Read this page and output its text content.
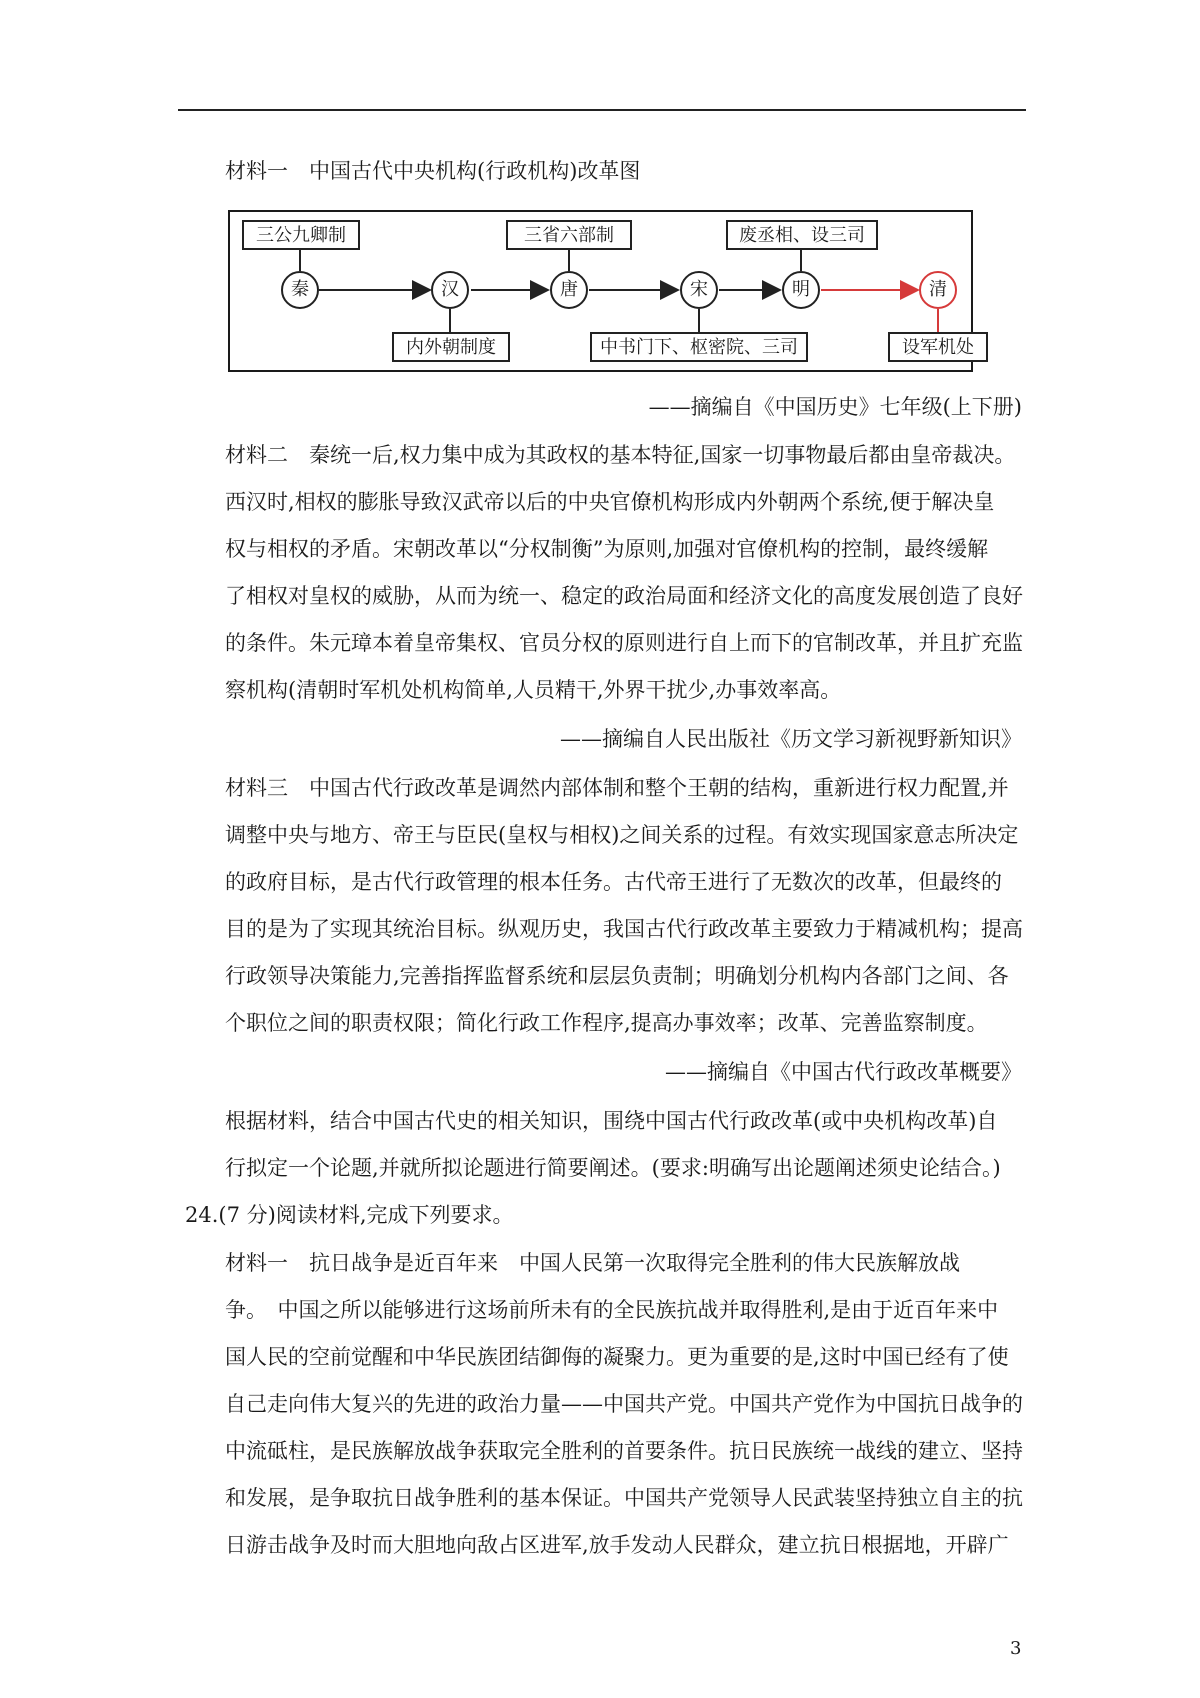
材料一　中国古代中央机构(行政机构)改革图
三公九卿制	三省六部制	废丞相、设三司
秦	汉	唐	宋	明	清
内外朝制度	中书门下、枢密院、三司	设军机处
——摘编自《中国历史》七年级(上下册)
材料二　秦统一后,权力集中成为其政权的基本特征,国家一切事物最后都由皇帝裁决。
西汉时,相权的膨胀导致汉武帝以后的中央官僚机构形成内外朝两个系统,便于解决皇
权与相权的矛盾。宋朝改革以“分权制衡”为原则,加强对官僚机构的控制，最终缓解
了相权对皇权的威胁，从而为统一、稳定的政治局面和经济文化的高度发展创造了良好
的条件。朱元璋本着皇帝集权、官员分权的原则进行自上而下的官制改革，并且扩充监
察机构(清朝时军机处机构简单,人员精干,外界干扰少,办事效率高。
——摘编自人民出版社《历文学习新视野新知识》
材料三　中国古代行政改革是调然内部体制和整个王朝的结构，重新进行权力配置,并
调整中央与地方、帝王与臣民(皇权与相权)之间关系的过程。有效实现国家意志所决定
的政府目标，是古代行政管理的根本任务。古代帝王进行了无数次的改革，但最终的
目的是为了实现其统治目标。纵观历史，我国古代行政改革主要致力于精减机构；提高
行政领导决策能力,完善指挥监督系统和层层负责制；明确划分机构内各部门之间、各
个职位之间的职责权限；简化行政工作程序,提高办事效率；改革、完善监察制度。
——摘编自《中国古代行政改革概要》
根据材料，结合中国古代史的相关知识，围绕中国古代行政改革(或中央机构改革)自
行拟定一个论题,并就所拟论题进行简要阐述。(要求:明确写出论题阐述须史论结合。)
24.(7 分)阅读材料,完成下列要求。
材料一　抗日战争是近百年来　中国人民第一次取得完全胜利的伟大民族解放战
争。　中国之所以能够进行这场前所未有的全民族抗战并取得胜利,是由于近百年来中
国人民的空前觉醒和中华民族团结御侮的凝聚力。更为重要的是,这时中国已经有了使
自己走向伟大复兴的先进的政治力量——中国共产党。中国共产党作为中国抗日战争的
中流砥柱，是民族解放战争获取完全胜利的首要条件。抗日民族统一战线的建立、坚持
和发展，是争取抗日战争胜利的基本保证。中国共产党领导人民武装坚持独立自主的抗
日游击战争及时而大胆地向敌占区进军,放手发动人民群众，建立抗日根据地，开辟广
3
